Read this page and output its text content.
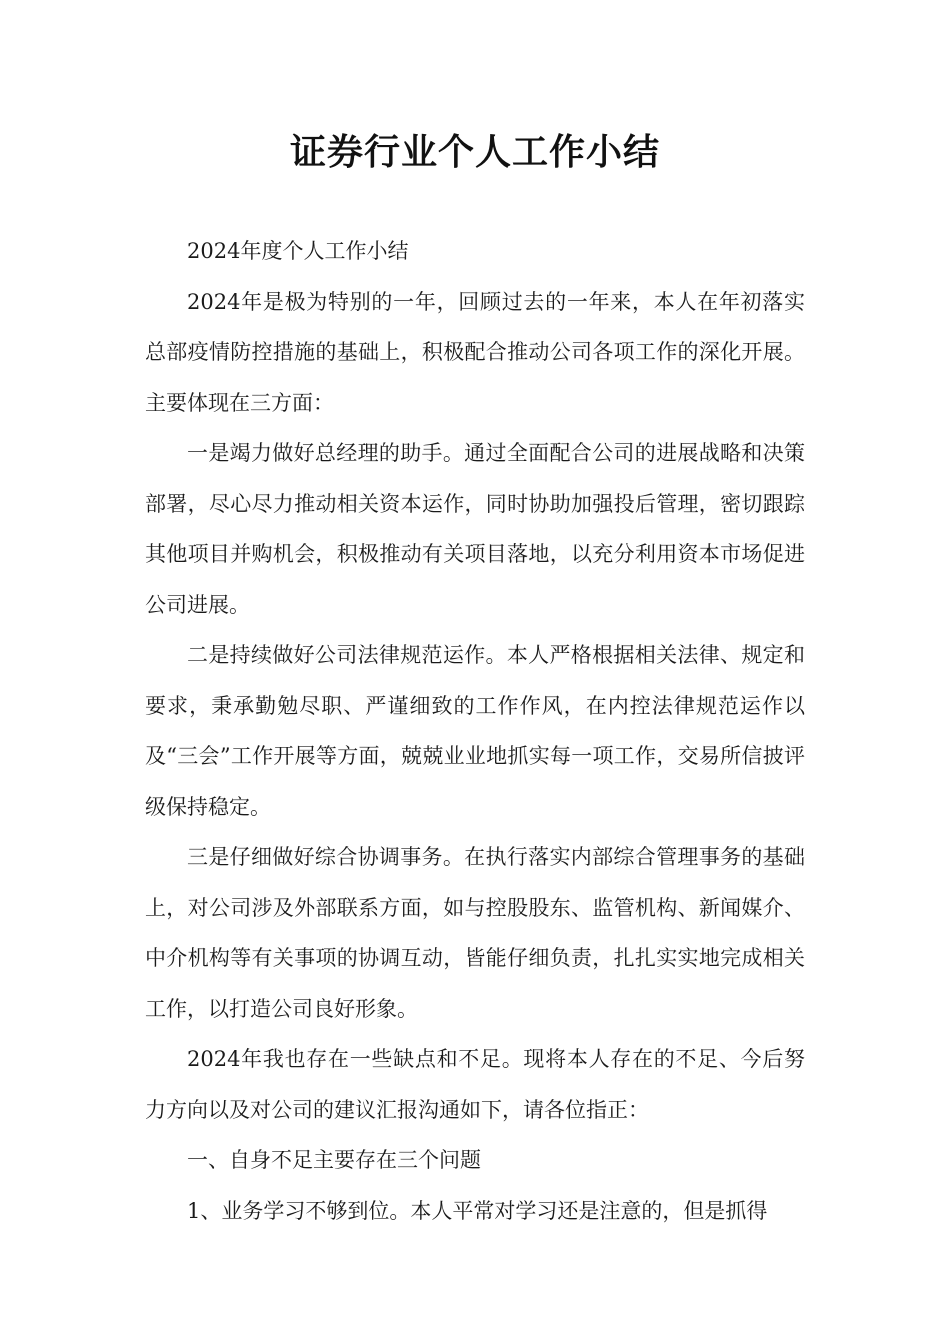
证券行业个人工作小结

2024年度个人工作小结

2024年是极为特别的一年，回顾过去的一年来，本人在年初落实总部疫情防控措施的基础上，积极配合推动公司各项工作的深化开展。主要体现在三方面：

一是竭力做好总经理的助手。通过全面配合公司的进展战略和决策部署，尽心尽力推动相关资本运作，同时协助加强投后管理，密切跟踪其他项目并购机会，积极推动有关项目落地，以充分利用资本市场促进公司进展。

二是持续做好公司法律规范运作。本人严格根据相关法律、规定和要求，秉承勤勉尽职、严谨细致的工作作风，在内控法律规范运作以及“三会”工作开展等方面，兢兢业业地抓实每一项工作，交易所信披评级保持稳定。

三是仔细做好综合协调事务。在执行落实内部综合管理事务的基础上，对公司涉及外部联系方面，如与控股股东、监管机构、新闻媒介、中介机构等有关事项的协调互动，皆能仔细负责，扎扎实实地完成相关工作，以打造公司良好形象。

2024年我也存在一些缺点和不足。现将本人存在的不足、今后努力方向以及对公司的建议汇报沟通如下，请各位指正：

一、自身不足主要存在三个问题

1、业务学习不够到位。本人平常对学习还是注意的，但是抓得
